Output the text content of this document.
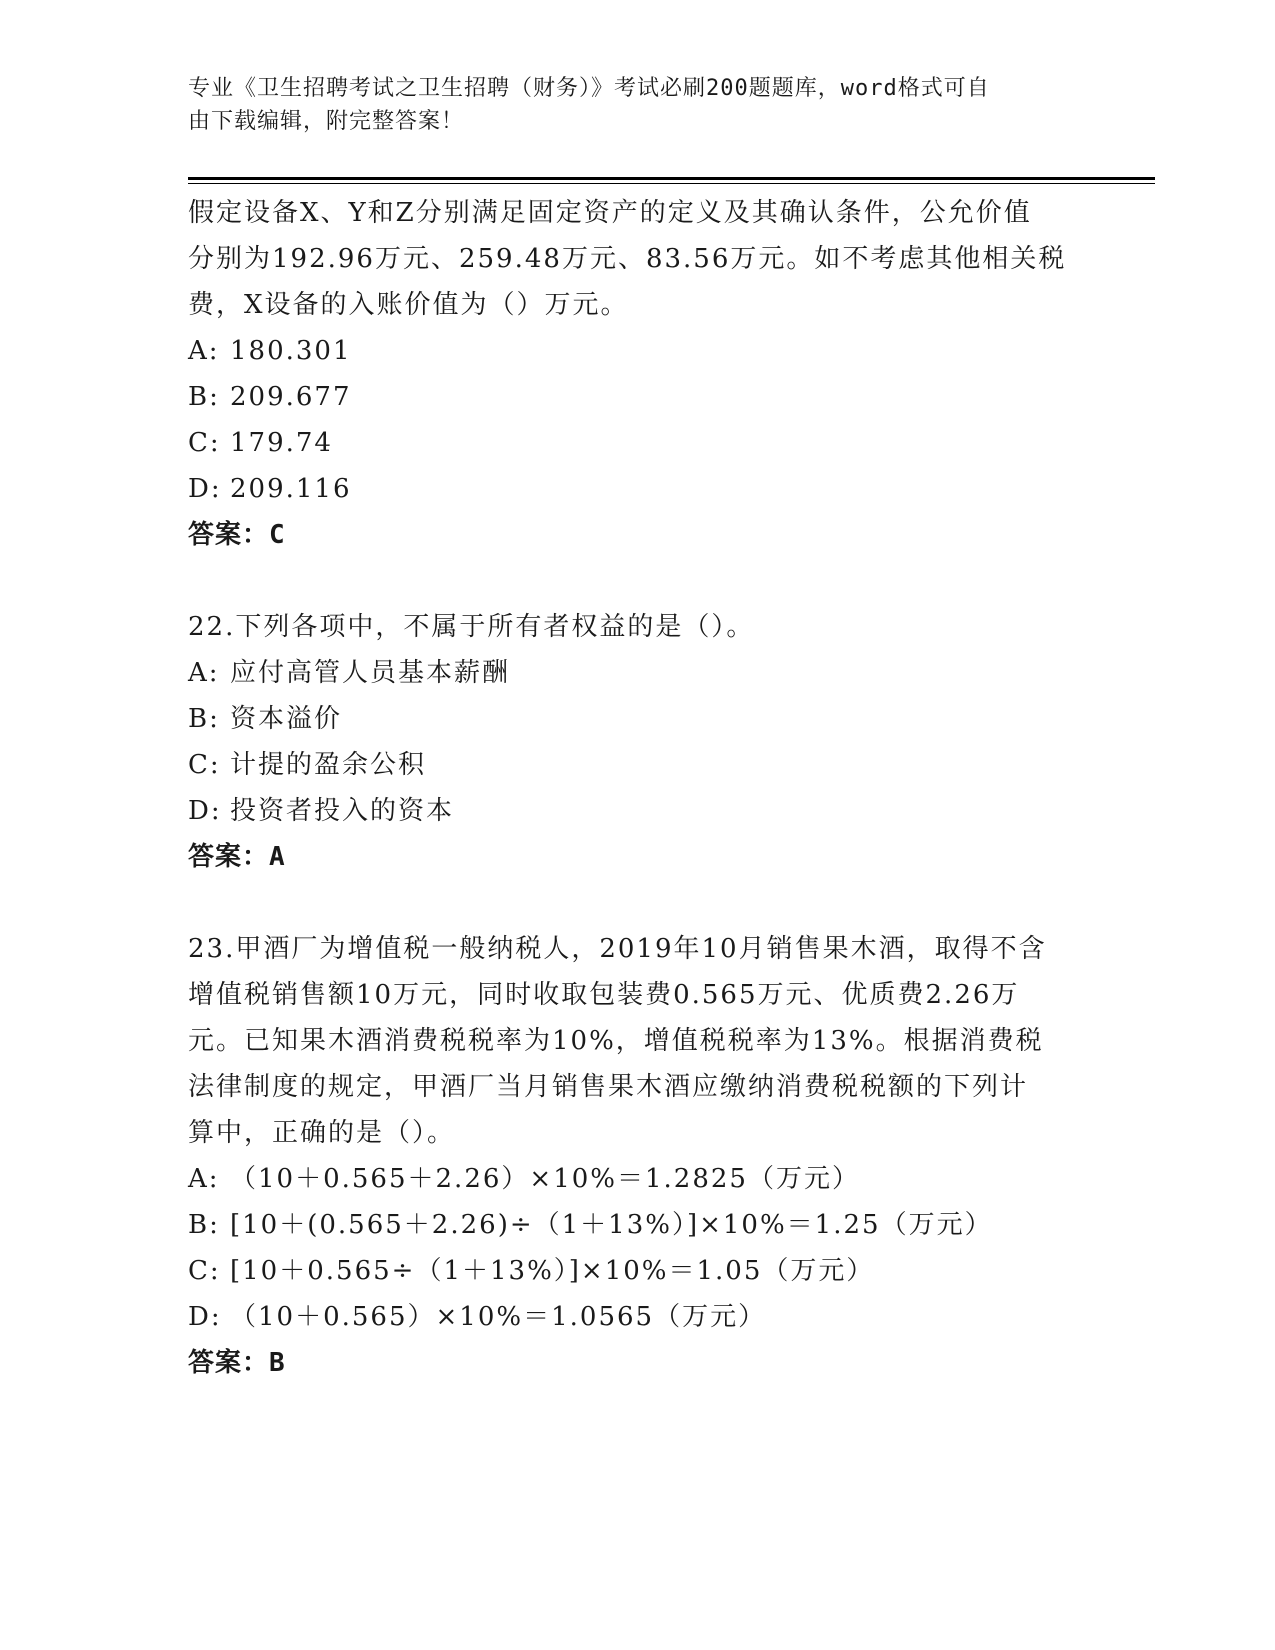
专业《卫生招聘考试之卫生招聘（财务）》考试必刷200题题库，word格式可自
由下载编辑，附完整答案！

假定设备X、Y和Z分别满足固定资产的定义及其确认条件，公允价值

分别为192.96万元、259.48万元、83.56万元。如不考虑其他相关税

费，X设备的入账价值为（）万元。

A: 180.301

B: 209.677

C: 179.74

D: 209.116

答案：C

22.下列各项中，不属于所有者权益的是（）。

A: 应付高管人员基本薪酬

B: 资本溢价

C: 计提的盈余公积

D: 投资者投入的资本

答案：A

23.甲酒厂为增值税一般纳税人，2019年10月销售果木酒，取得不含

增值税销售额10万元，同时收取包装费0.565万元、优质费2.26万

元。已知果木酒消费税税率为10%，增值税税率为13%。根据消费税

法律制度的规定，甲酒厂当月销售果木酒应缴纳消费税税额的下列计

算中，正确的是（）。

A: （10＋0.565＋2.26）×10%＝1.2825（万元）

B: [10＋(0.565＋2.26)÷（1＋13%）]×10%＝1.25（万元）

C: [10＋0.565÷（1＋13%）]×10%＝1.05（万元）

D: （10＋0.565）×10%＝1.0565（万元）

答案：B
